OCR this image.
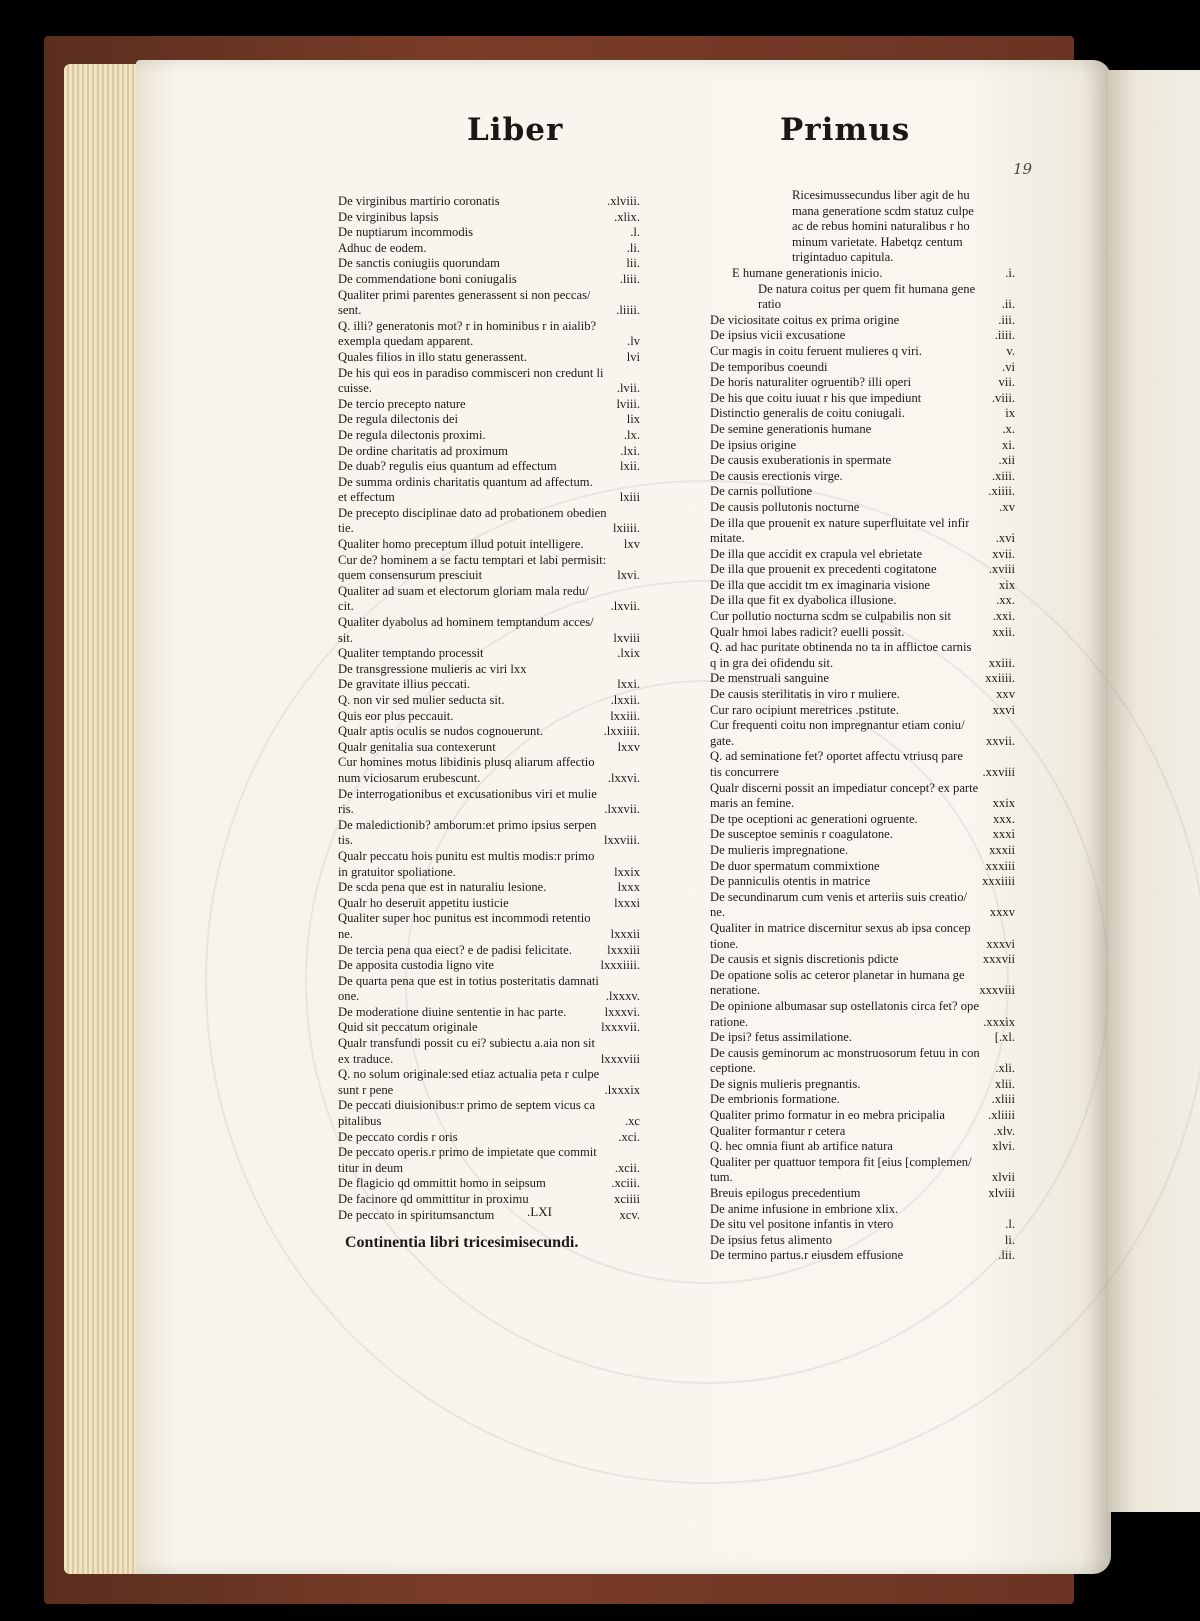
Liber	Primus
19
De virginibus martirio coronatis	.xlviii.
De virginibus lapsis	.xlix.
De nuptiarum incommodis	.l.
Adhuc de eodem.	.li.
De sanctis coniugiis quorundam	lii.
De commendatione boni coniugalis	.liii.
Qualiter primi parentes generassent si non peccas/
sent.	.liiii.
Q. illi? generatonis mot? r in hominibus r in aialib?
exempla quedam apparent.	.lv
Quales filios in illo statu generassent.	lvi
De his qui eos in paradiso commisceri non credunt li
cuisse.	.lvii.
De tercio precepto nature	lviii.
De regula dilectonis dei	lix
De regula dilectonis proximi.	.lx.
De ordine charitatis ad proximum	.lxi.
De duab? regulis eius quantum ad effectum	lxii.
De summa ordinis charitatis quantum ad affectum.
et effectum	lxiii
De precepto disciplinae dato ad probationem obedien
tie.	lxiiii.
Qualiter homo preceptum illud potuit intelligere.	lxv
Cur de? hominem a se factu temptari et labi permisit:
quem consensurum presciuit	lxvi.
Qualiter ad suam et electorum gloriam mala redu/
cit.	.lxvii.
Qualiter dyabolus ad hominem temptandum acces/
sit.	lxviii
Qualiter temptando processit	.lxix
De transgressione mulieris ac viri lxx
De gravitate illius peccati.	lxxi.
Q. non vir sed mulier seducta sit.	.lxxii.
Quis eor plus peccauit.	lxxiii.
Qualr aptis oculis se nudos cognouerunt.	.lxxiiii.
Qualr genitalia sua contexerunt	lxxv
Cur homines motus libidinis plusq aliarum affectio
num viciosarum erubescunt.	.lxxvi.
De interrogationibus et excusationibus viri et mulie
ris.	.lxxvii.
De maledictionib? amborum:et primo ipsius serpen
tis.	lxxviii.
Qualr peccatu hois punitu est multis modis:r primo
in gratuitor spoliatione.	lxxix
De scda pena que est in naturaliu lesione.	lxxx
Qualr ho deseruit appetitu iusticie	lxxxi
Qualiter super hoc punitus est incommodi retentio
ne.	lxxxii
De tercia pena qua eiect? e de padisi felicitate.	lxxxiii
De apposita custodia ligno vite	lxxxiiii.
De quarta pena que est in totius posteritatis damnati
one.	.lxxxv.
De moderatione diuine sententie in hac parte.	lxxxvi.
Quid sit peccatum originale	lxxxvii.
Qualr transfundi possit cu ei? subiectu a.aia non sit
ex traduce.	lxxxviii
Q. no solum originale:sed etiaz actualia peta r culpe
sunt r pene	.lxxxix
De peccati diuisionibus:r primo de septem vicus ca
pitalibus	.xc
De peccato cordis r oris	.xci.
De peccato operis.r primo de impietate que commit
titur in deum	.xcii.
De flagicio qd ommittit homo in seipsum	.xciii.
De facinore qd ommittitur in proximu	xciiii
De peccato in spiritumsanctum	xcv.
.LXI
Continentia libri tricesimisecundi.
Ricesimussecundus liber agit de hu
mana generatione scdm statuz culpe
ac de rebus homini naturalibus r ho
minum varietate. Habetqz centum
trigintaduo capitula.
E humane generationis inicio.	.i.
De natura coitus per quem fit humana gene
ratio	.ii.
De viciositate coitus ex prima origine	.iii.
De ipsius vicii excusatione	.iiii.
Cur magis in coitu feruent mulieres q viri.	v.
De temporibus coeundi	.vi
De horis naturaliter ogruentib? illi operi	vii.
De his que coitu iuuat r his que impediunt	.viii.
Distinctio generalis de coitu coniugali.	ix
De semine generationis humane	.x.
De ipsius origine	xi.
De causis exuberationis in spermate	.xii
De causis erectionis virge.	.xiii.
De carnis pollutione	.xiiii.
De causis pollutonis nocturne	.xv
De illa que prouenit ex nature superfluitate vel infir
mitate.	.xvi
De illa que accidit ex crapula vel ebrietate	xvii.
De illa que prouenit ex precedenti cogitatone	.xviii
De illa que accidit tm ex imaginaria visione	xix
De illa que fit ex dyabolica illusione.	.xx.
Cur pollutio nocturna scdm se culpabilis non sit	.xxi.
Qualr hmoi labes radicit? euelli possit.	xxii.
Q. ad hac puritate obtinenda no ta in afflictoe carnis
q in gra dei ofidendu sit.	xxiii.
De menstruali sanguine	xxiiii.
De causis sterilitatis in viro r muliere.	xxv
Cur raro ocipiunt meretrices .pstitute.	xxvi
Cur frequenti coitu non impregnantur etiam coniu/
gate.	xxvii.
Q. ad seminatione fet? oportet affectu vtriusq pare
tis concurrere	.xxviii
Qualr discerni possit an impediatur concept? ex parte
maris an femine.	xxix
De tpe oceptioni ac generationi ogruente.	xxx.
De susceptoe seminis r coagulatone.	xxxi
De mulieris impregnatione.	xxxii
De duor spermatum commixtione	xxxiii
De panniculis otentis in matrice	xxxiiii
De secundinarum cum venis et arteriis suis creatio/
ne.	xxxv
Qualiter in matrice discernitur sexus ab ipsa concep
tione.	xxxvi
De causis et signis discretionis pdicte	xxxvii
De opatione solis ac ceteror planetar in humana ge
neratione.	xxxviii
De opinione albumasar sup ostellatonis circa fet? ope
ratione.	.xxxix
De ipsi? fetus assimilatione.	[.xl.
De causis geminorum ac monstruosorum fetuu in con
ceptione.	.xli.
De signis mulieris pregnantis.	xlii.
De embrionis formatione.	.xliii
Qualiter primo formatur in eo mebra pricipalia	.xliiii
Qualiter formantur r cetera	.xlv.
Q. hec omnia fiunt ab artifice natura	xlvi.
Qualiter per quattuor tempora fit [eius [complemen/
tum.	xlvii
Breuis epilogus precedentium	xlviii
De anime infusione in embrione xlix.
De situ vel positone infantis in vtero	.l.
De ipsius fetus alimento	li.
De termino partus.r eiusdem effusione	.lii.
